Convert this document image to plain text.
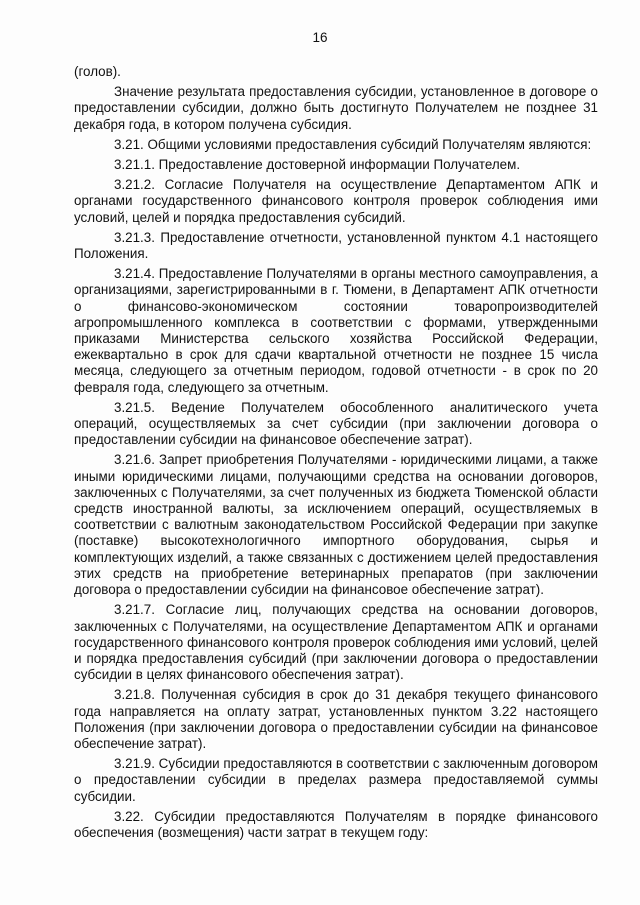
16

(голов).

Значение результата предоставления субсидии, установленное в договоре о предоставлении субсидии, должно быть достигнуто Получателем не позднее 31 декабря года, в котором получена субсидия.

3.21. Общими условиями предоставления субсидий Получателям являются:

3.21.1. Предоставление достоверной информации Получателем.

3.21.2. Согласие Получателя на осуществление Департаментом АПК и органами государственного финансового контроля проверок соблюдения ими условий, целей и порядка предоставления субсидий.

3.21.3. Предоставление отчетности, установленной пунктом 4.1 настоящего Положения.

3.21.4. Предоставление Получателями в органы местного самоуправления, а организациями, зарегистрированными в г. Тюмени, в Департамент АПК отчетности о финансово-экономическом состоянии товаропроизводителей агропромышленного комплекса в соответствии с формами, утвержденными приказами Министерства сельского хозяйства Российской Федерации, ежеквартально в срок для сдачи квартальной отчетности не позднее 15 числа месяца, следующего за отчетным периодом, годовой отчетности - в срок по 20 февраля года, следующего за отчетным.

3.21.5. Ведение Получателем обособленного аналитического учета операций, осуществляемых за счет субсидии (при заключении договора о предоставлении субсидии на финансовое обеспечение затрат).

3.21.6. Запрет приобретения Получателями - юридическими лицами, а также иными юридическими лицами, получающими средства на основании договоров, заключенных с Получателями, за счет полученных из бюджета Тюменской области средств иностранной валюты, за исключением операций, осуществляемых в соответствии с валютным законодательством Российской Федерации при закупке (поставке) высокотехнологичного импортного оборудования, сырья и комплектующих изделий, а также связанных с достижением целей предоставления этих средств на приобретение ветеринарных препаратов (при заключении договора о предоставлении субсидии на финансовое обеспечение затрат).

3.21.7. Согласие лиц, получающих средства на основании договоров, заключенных с Получателями, на осуществление Департаментом АПК и органами государственного финансового контроля проверок соблюдения ими условий, целей и порядка предоставления субсидий (при заключении договора о предоставлении субсидии в целях финансового обеспечения затрат).

3.21.8. Полученная субсидия в срок до 31 декабря текущего финансового года направляется на оплату затрат, установленных пунктом 3.22 настоящего Положения (при заключении договора о предоставлении субсидии на финансовое обеспечение затрат).

3.21.9. Субсидии предоставляются в соответствии с заключенным договором о предоставлении субсидии в пределах размера предоставляемой суммы субсидии.

3.22. Субсидии предоставляются Получателям в порядке финансового обеспечения (возмещения) части затрат в текущем году:
